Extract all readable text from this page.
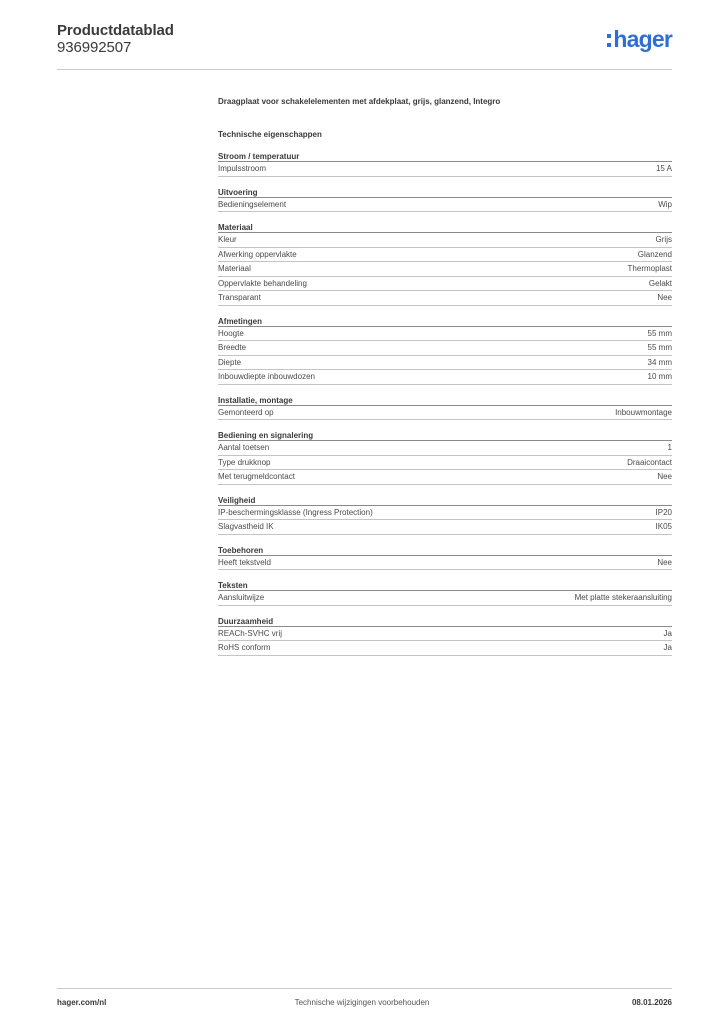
Productdatablad
936992507	hager
Draagplaat voor schakelelementen met afdekplaat, grijs, glanzend, Integro
Technische eigenschappen
Stroom / temperatuur
Impulsstroom	15 A
Uitvoering
Bedieningselement	Wip
Materiaal
Kleur	Grijs
Afwerking oppervlakte	Glanzend
Materiaal	Thermoplast
Oppervlakte behandeling	Gelakt
Transparant	Nee
Afmetingen
Hoogte	55 mm
Breedte	55 mm
Diepte	34 mm
Inbouwdiepte inbouwdozen	10 mm
Installatie, montage
Gemonteerd op	Inbouwmontage
Bediening en signalering
Aantal toetsen	1
Type drukknop	Draaicontact
Met terugmeldcontact	Nee
Veiligheid
IP-beschermingsklasse (Ingress Protection)	IP20
Slagvastheid IK	IK05
Toebehoren
Heeft tekstveld	Nee
Teksten
Aansluitwijze	Met platte stekeraansluiting
Duurzaamheid
REACh-SVHC vrij	Ja
RoHS conform	Ja
hager.com/nl	Technische wijzigingen voorbehouden	08.01.2026
